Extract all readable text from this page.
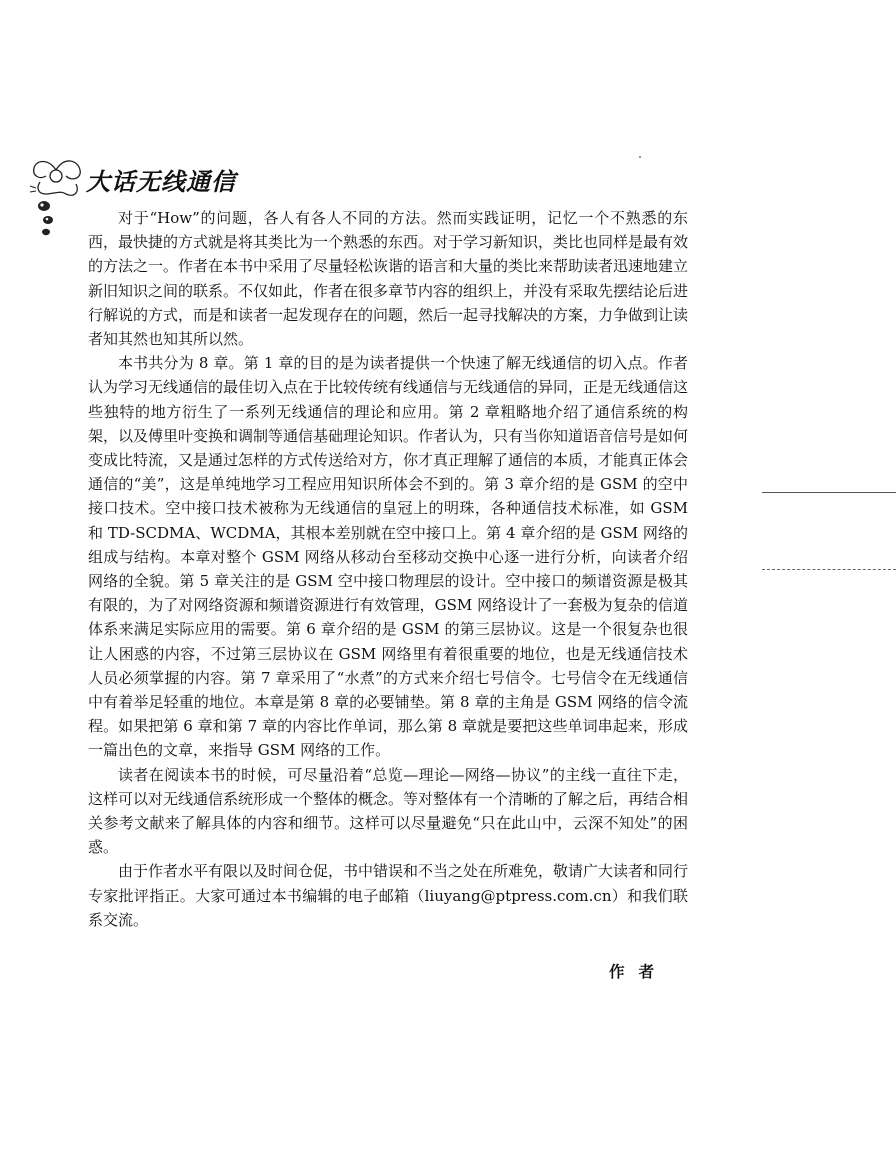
大话无线通信

对于“How”的问题，各人有各人不同的方法。然而实践证明，记忆一个不熟悉的东西，最快捷的方式就是将其类比为一个熟悉的东西。对于学习新知识，类比也同样是最有效的方法之一。作者在本书中采用了尽量轻松诙谐的语言和大量的类比来帮助读者迅速地建立新旧知识之间的联系。不仅如此，作者在很多章节内容的组织上，并没有采取先摆结论后进行解说的方式，而是和读者一起发现存在的问题，然后一起寻找解决的方案，力争做到让读者知其然也知其所以然。

本书共分为 8 章。第 1 章的目的是为读者提供一个快速了解无线通信的切入点。作者认为学习无线通信的最佳切入点在于比较传统有线通信与无线通信的异同，正是无线通信这些独特的地方衍生了一系列无线通信的理论和应用。第 2 章粗略地介绍了通信系统的构架，以及傅里叶变换和调制等通信基础理论知识。作者认为，只有当你知道语音信号是如何变成比特流，又是通过怎样的方式传送给对方，你才真正理解了通信的本质，才能真正体会通信的“美”，这是单纯地学习工程应用知识所体会不到的。第 3 章介绍的是 GSM 的空中接口技术。空中接口技术被称为无线通信的皇冠上的明珠，各种通信技术标准，如 GSM 和 TD-SCDMA、WCDMA，其根本差别就在空中接口上。第 4 章介绍的是 GSM 网络的组成与结构。本章对整个 GSM 网络从移动台至移动交换中心逐一进行分析，向读者介绍网络的全貌。第 5 章关注的是 GSM 空中接口物理层的设计。空中接口的频谱资源是极其有限的，为了对网络资源和频谱资源进行有效管理，GSM 网络设计了一套极为复杂的信道体系来满足实际应用的需要。第 6 章介绍的是 GSM 的第三层协议。这是一个很复杂也很让人困惑的内容，不过第三层协议在 GSM 网络里有着很重要的地位，也是无线通信技术人员必须掌握的内容。第 7 章采用了“水煮”的方式来介绍七号信令。七号信令在无线通信中有着举足轻重的地位。本章是第 8 章的必要铺垫。第 8 章的主角是 GSM 网络的信令流程。如果把第 6 章和第 7 章的内容比作单词，那么第 8 章就是要把这些单词串起来，形成一篇出色的文章，来指导 GSM 网络的工作。

读者在阅读本书的时候，可尽量沿着“总览—理论—网络—协议”的主线一直往下走，这样可以对无线通信系统形成一个整体的概念。等对整体有一个清晰的了解之后，再结合相关参考文献来了解具体的内容和细节。这样可以尽量避免“只在此山中，云深不知处”的困惑。

由于作者水平有限以及时间仓促，书中错误和不当之处在所难免，敬请广大读者和同行专家批评指正。大家可通过本书编辑的电子邮箱（liuyang@ptpress.com.cn）和我们联系交流。

作者
